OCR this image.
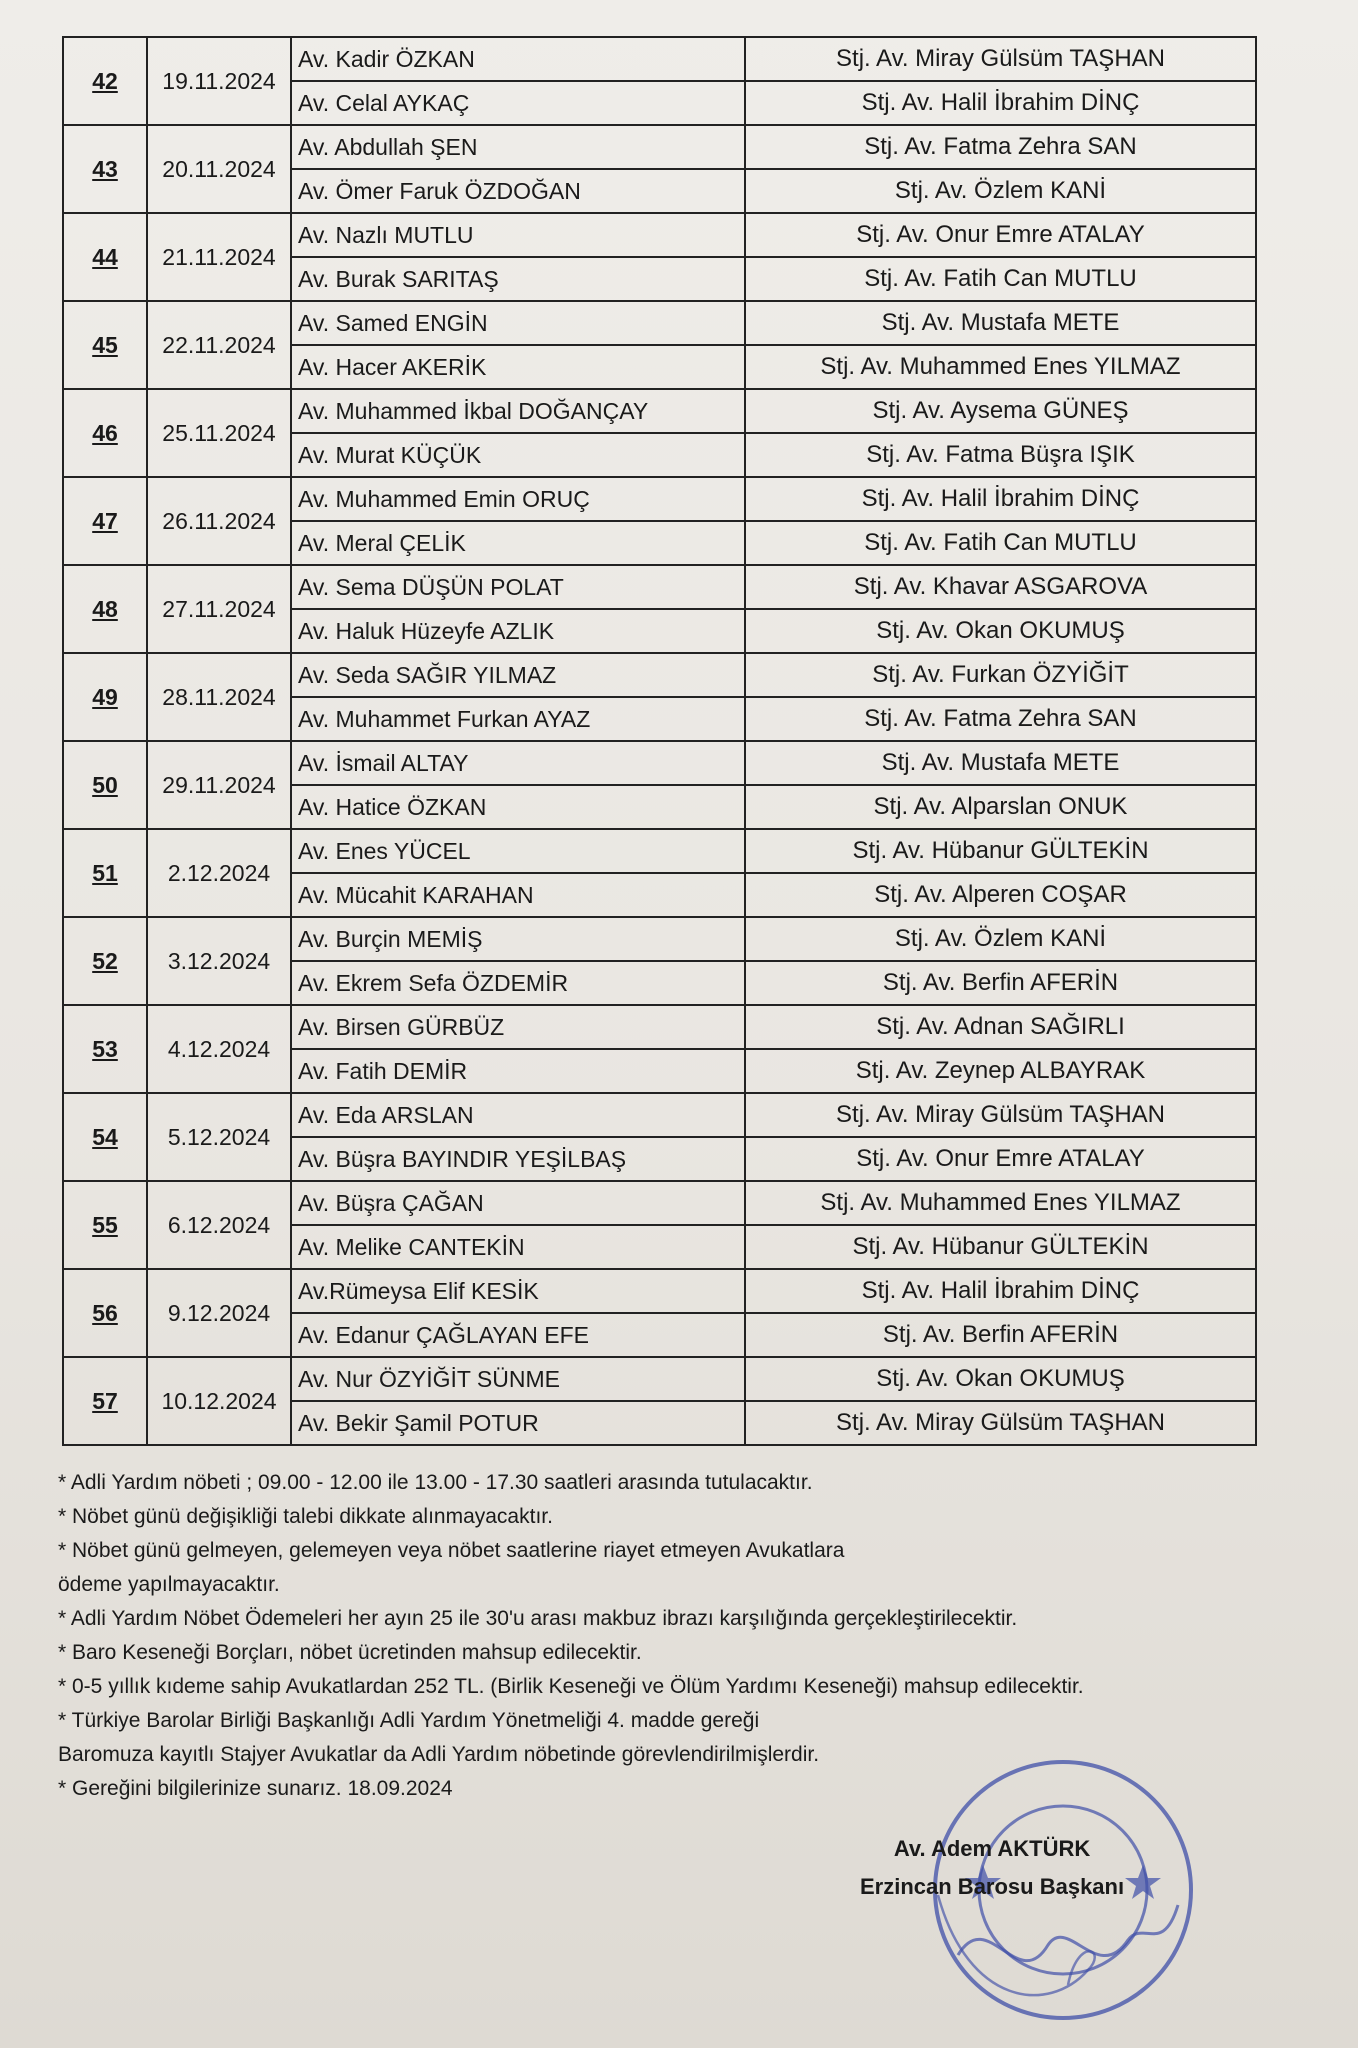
42	19.11.2024	Av. Kadir ÖZKAN	Stj. Av. Miray Gülsüm TAŞHAN
		Av. Celal AYKAÇ	Stj. Av. Halil İbrahim DİNÇ
43	20.11.2024	Av. Abdullah ŞEN	Stj. Av. Fatma Zehra SAN
		Av. Ömer Faruk ÖZDOĞAN	Stj. Av. Özlem KANİ
44	21.11.2024	Av. Nazlı MUTLU	Stj. Av. Onur Emre ATALAY
		Av. Burak SARITAŞ	Stj. Av. Fatih Can MUTLU
45	22.11.2024	Av. Samed ENGİN	Stj. Av. Mustafa METE
		Av. Hacer AKERİK	Stj. Av. Muhammed Enes YILMAZ
46	25.11.2024	Av. Muhammed İkbal DOĞANÇAY	Stj. Av. Aysema GÜNEŞ
		Av. Murat KÜÇÜK	Stj. Av. Fatma Büşra IŞIK
47	26.11.2024	Av. Muhammed Emin ORUÇ	Stj. Av. Halil İbrahim DİNÇ
		Av. Meral ÇELİK	Stj. Av. Fatih Can MUTLU
48	27.11.2024	Av. Sema DÜŞÜN POLAT	Stj. Av. Khavar ASGAROVA
		Av. Haluk Hüzeyfe AZLIK	Stj. Av. Okan OKUMUŞ
49	28.11.2024	Av. Seda SAĞIR YILMAZ	Stj. Av. Furkan ÖZYİĞİT
		Av. Muhammet Furkan AYAZ	Stj. Av. Fatma Zehra SAN
50	29.11.2024	Av. İsmail ALTAY	Stj. Av. Mustafa METE
		Av. Hatice ÖZKAN	Stj. Av. Alparslan ONUK
51	2.12.2024	Av. Enes YÜCEL	Stj. Av. Hübanur GÜLTEKİN
		Av. Mücahit KARAHAN	Stj. Av. Alperen COŞAR
52	3.12.2024	Av. Burçin MEMİŞ	Stj. Av. Özlem KANİ
		Av. Ekrem Sefa ÖZDEMİR	Stj. Av. Berfin AFERİN
53	4.12.2024	Av. Birsen GÜRBÜZ	Stj. Av. Adnan SAĞIRLI
		Av. Fatih DEMİR	Stj. Av. Zeynep ALBAYRAK
54	5.12.2024	Av. Eda ARSLAN	Stj. Av. Miray Gülsüm TAŞHAN
		Av. Büşra BAYINDIR YEŞİLBAŞ	Stj. Av. Onur Emre ATALAY
55	6.12.2024	Av. Büşra ÇAĞAN	Stj. Av. Muhammed Enes YILMAZ
		Av. Melike CANTEKİN	Stj. Av. Hübanur GÜLTEKİN
56	9.12.2024	Av.Rümeysa Elif KESİK	Stj. Av. Halil İbrahim DİNÇ
		Av. Edanur ÇAĞLAYAN EFE	Stj. Av. Berfin AFERİN
57	10.12.2024	Av. Nur ÖZYİĞİT SÜNME	Stj. Av. Okan OKUMUŞ
		Av. Bekir Şamil POTUR	Stj. Av. Miray Gülsüm TAŞHAN

* Adli Yardım nöbeti ; 09.00 - 12.00 ile 13.00 - 17.30 saatleri arasında tutulacaktır.

* Nöbet günü değişikliği talebi dikkate alınmayacaktır.

* Nöbet günü gelmeyen, gelemeyen veya nöbet saatlerine riayet etmeyen Avukatlara

ödeme yapılmayacaktır.

* Adli Yardım Nöbet Ödemeleri her ayın 25 ile 30'u arası makbuz ibrazı karşılığında gerçekleştirilecektir.

* Baro Keseneği Borçları, nöbet ücretinden mahsup edilecektir.

* 0-5 yıllık kıdeme sahip Avukatlardan 252 TL. (Birlik Keseneği ve Ölüm Yardımı Keseneği) mahsup edilecektir.

* Türkiye Barolar Birliği Başkanlığı Adli Yardım Yönetmeliği 4. madde gereği

Baromuza kayıtlı Stajyer Avukatlar da Adli Yardım nöbetinde görevlendirilmişlerdir.

* Gereğini bilgilerinize sunarız. 18.09.2024

Av. Adem AKTÜRK
Erzincan Barosu Başkanı
